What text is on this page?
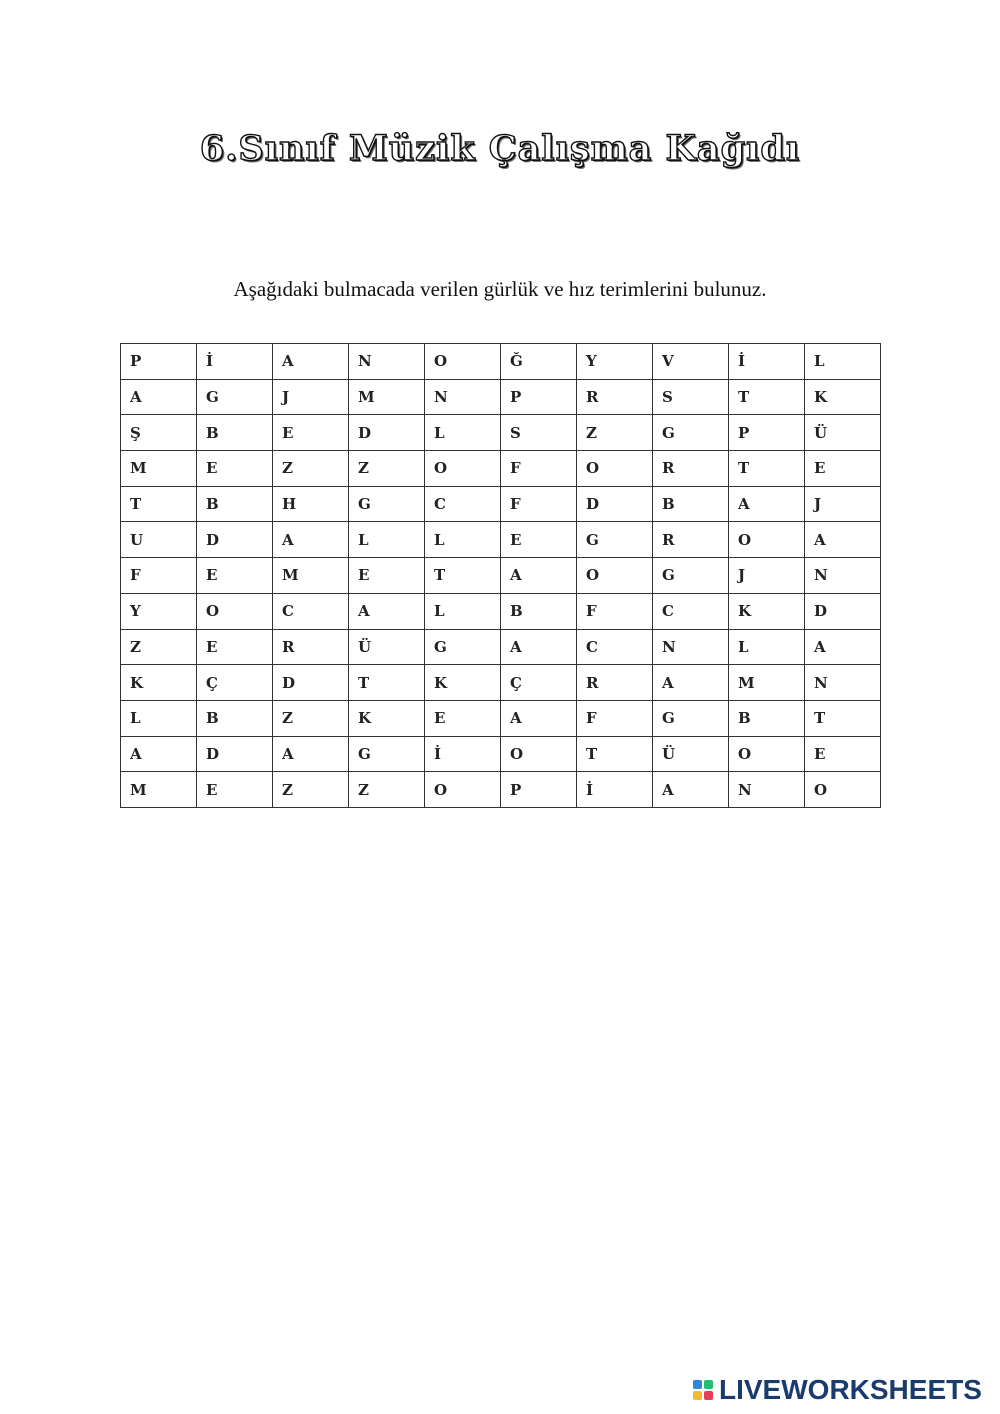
6.Sınıf Müzik Çalışma Kağıdı
Aşağıdaki bulmacada verilen gürlük ve hız terimlerini bulunuz.
P	İ	A	N	O	Ğ	Y	V	İ	L
A	G	J	M	N	P	R	S	T	K
Ş	B	E	D	L	S	Z	G	P	Ü
M	E	Z	Z	O	F	O	R	T	E
T	B	H	G	C	F	D	B	A	J
U	D	A	L	L	E	G	R	O	A
F	E	M	E	T	A	O	G	J	N
Y	O	C	A	L	B	F	C	K	D
Z	E	R	Ü	G	A	C	N	L	A
K	Ç	D	T	K	Ç	R	A	M	N
L	B	Z	K	E	A	F	G	B	T
A	D	A	G	İ	O	T	Ü	O	E
M	E	Z	Z	O	P	İ	A	N	O
LIVEWORKSHEETS
